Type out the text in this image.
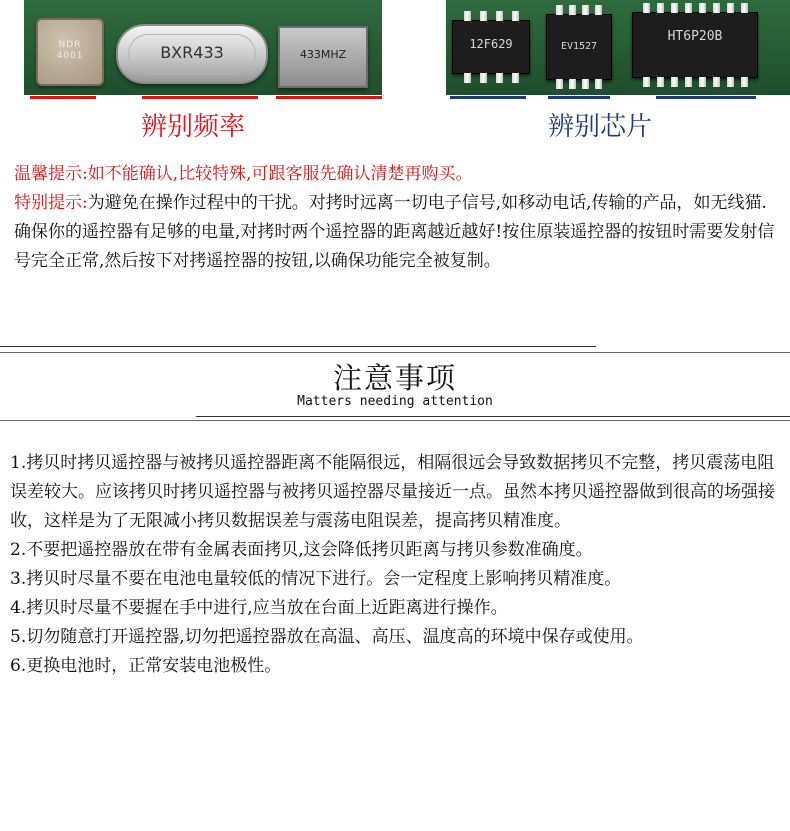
NDR
4001	BXR433	433MHZ
12F629	EV1527
HT6P20B
辨别频率	辨别芯片
温馨提示:如不能确认,比较特殊,可跟客服先确认清楚再购买。
特别提示:为避免在操作过程中的干扰。对拷时远离一切电子信号,如移动电话,传输的产品，如无线猫.确保你的遥控器有足够的电量,对拷时两个遥控器的距离越近越好!按住原装遥控器的按钮时需要发射信号完全正常,然后按下对拷遥控器的按钮,以确保功能完全被复制。
注意事项
Matters needing attention

1.拷贝时拷贝遥控器与被拷贝遥控器距离不能隔很远，相隔很远会导致数据拷贝不完整，拷贝震荡电阻误差较大。应该拷贝时拷贝遥控器与被拷贝遥控器尽量接近一点。虽然本拷贝遥控器做到很高的场强接收，这样是为了无限减小拷贝数据误差与震荡电阻误差，提高拷贝精准度。

2.不要把遥控器放在带有金属表面拷贝,这会降低拷贝距离与拷贝参数准确度。

3.拷贝时尽量不要在电池电量较低的情况下进行。会一定程度上影响拷贝精准度。

4.拷贝时尽量不要握在手中进行,应当放在台面上近距离进行操作。

5.切勿随意打开遥控器,切勿把遥控器放在高温、高压、温度高的环境中保存或使用。

6.更换电池时，正常安装电池极性。
